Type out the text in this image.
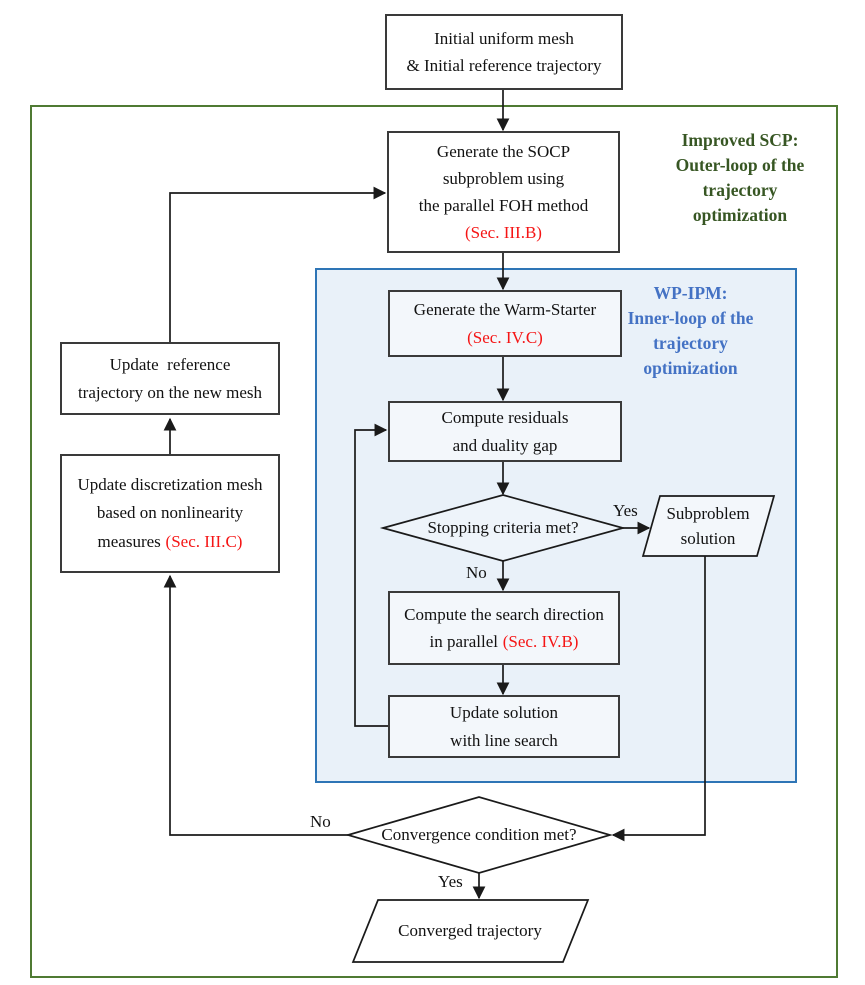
Initial uniform mesh
& Initial reference trajectory
Improved SCP:
Outer-loop of the
trajectory
optimization
Generate the SOCP
subproblem using
the parallel FOH method
(Sec. III.B)
WP-IPM:
Inner-loop of the
trajectory
optimization
Generate the Warm-Starter
(Sec. IV.C)
Compute residuals
and duality gap
Stopping criteria met?
Subproblem
solution
Compute the search direction
in parallel (Sec. IV.B)
Update solution
with line search
Update  reference
trajectory on the new mesh
Update discretization mesh
based on nonlinearity
measures (Sec. III.C)
Convergence condition met?
Converged trajectory
Yes
No
No
Yes
